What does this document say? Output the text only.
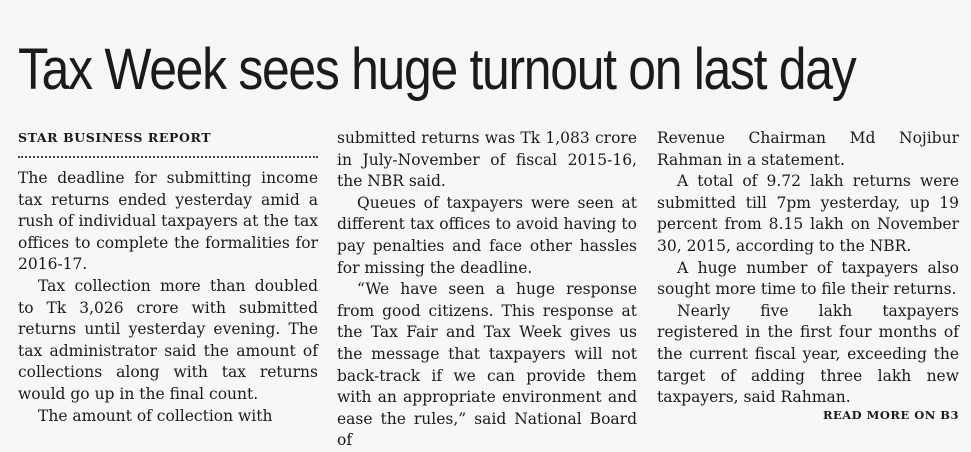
Tax Week sees huge turnout on last day
STAR BUSINESS REPORT

The deadline for submitting income tax returns ended yesterday amid a rush of individual taxpayers at the tax offices to complete the formalities for 2016-17.

Tax collection more than doubled to Tk 3,026 crore with submitted returns until yesterday evening. The tax administrator said the amount of collections along with tax returns would go up in the final count.

The amount of collection with

submitted returns was Tk 1,083 crore in July-November of fiscal 2015-16, the NBR said.

Queues of taxpayers were seen at different tax offices to avoid having to pay penalties and face other hassles for missing the deadline.

“We have seen a huge response from good citizens. This response at the Tax Fair and Tax Week gives us the message that taxpayers will not back-track if we can provide them with an appropriate environment and ease the rules,” said National Board of

Revenue Chairman Md Nojibur Rahman in a statement.

A total of 9.72 lakh returns were submitted till 7pm yesterday, up 19 percent from 8.15 lakh on November 30, 2015, according to the NBR.

A huge number of taxpayers also sought more time to file their returns.

Nearly five lakh taxpayers registered in the first four months of the current fiscal year, exceeding the target of adding three lakh new taxpayers, said Rahman.

READ MORE ON B3
